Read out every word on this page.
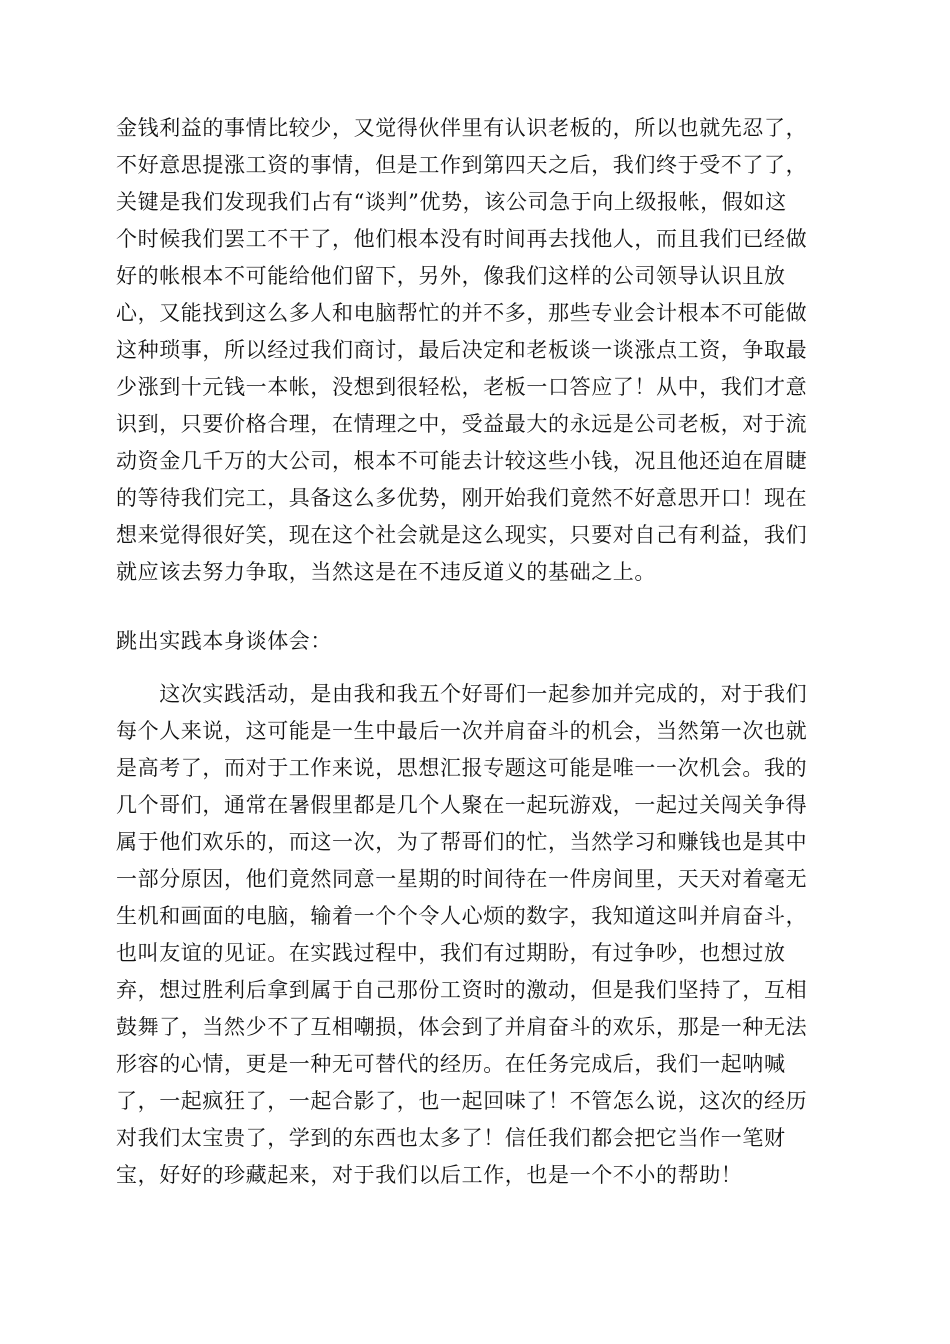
金钱利益的事情比较少，又觉得伙伴里有认识老板的，所以也就先忍了，
不好意思提涨工资的事情，但是工作到第四天之后，我们终于受不了了，
关键是我们发现我们占有“谈判”优势，该公司急于向上级报帐，假如这
个时候我们罢工不干了，他们根本没有时间再去找他人，而且我们已经做
好的帐根本不可能给他们留下，另外，像我们这样的公司领导认识且放
心，又能找到这么多人和电脑帮忙的并不多，那些专业会计根本不可能做
这种琐事，所以经过我们商讨，最后决定和老板谈一谈涨点工资，争取最
少涨到十元钱一本帐，没想到很轻松，老板一口答应了！从中，我们才意
识到，只要价格合理，在情理之中，受益最大的永远是公司老板，对于流
动资金几千万的大公司，根本不可能去计较这些小钱，况且他还迫在眉睫
的等待我们完工，具备这么多优势，刚开始我们竟然不好意思开口！现在
想来觉得很好笑，现在这个社会就是这么现实，只要对自己有利益，我们
就应该去努力争取，当然这是在不违反道义的基础之上。
跳出实践本身谈体会：
　　这次实践活动，是由我和我五个好哥们一起参加并完成的，对于我们
每个人来说，这可能是一生中最后一次并肩奋斗的机会，当然第一次也就
是高考了，而对于工作来说，思想汇报专题这可能是唯一一次机会。我的
几个哥们，通常在暑假里都是几个人聚在一起玩游戏，一起过关闯关争得
属于他们欢乐的，而这一次，为了帮哥们的忙，当然学习和赚钱也是其中
一部分原因，他们竟然同意一星期的时间待在一件房间里，天天对着毫无
生机和画面的电脑，输着一个个令人心烦的数字，我知道这叫并肩奋斗，
也叫友谊的见证。在实践过程中，我们有过期盼，有过争吵，也想过放
弃，想过胜利后拿到属于自己那份工资时的激动，但是我们坚持了，互相
鼓舞了，当然少不了互相嘲损，体会到了并肩奋斗的欢乐，那是一种无法
形容的心情，更是一种无可替代的经历。在任务完成后，我们一起呐喊
了，一起疯狂了，一起合影了，也一起回味了！不管怎么说，这次的经历
对我们太宝贵了，学到的东西也太多了！信任我们都会把它当作一笔财
宝，好好的珍藏起来，对于我们以后工作，也是一个不小的帮助！
